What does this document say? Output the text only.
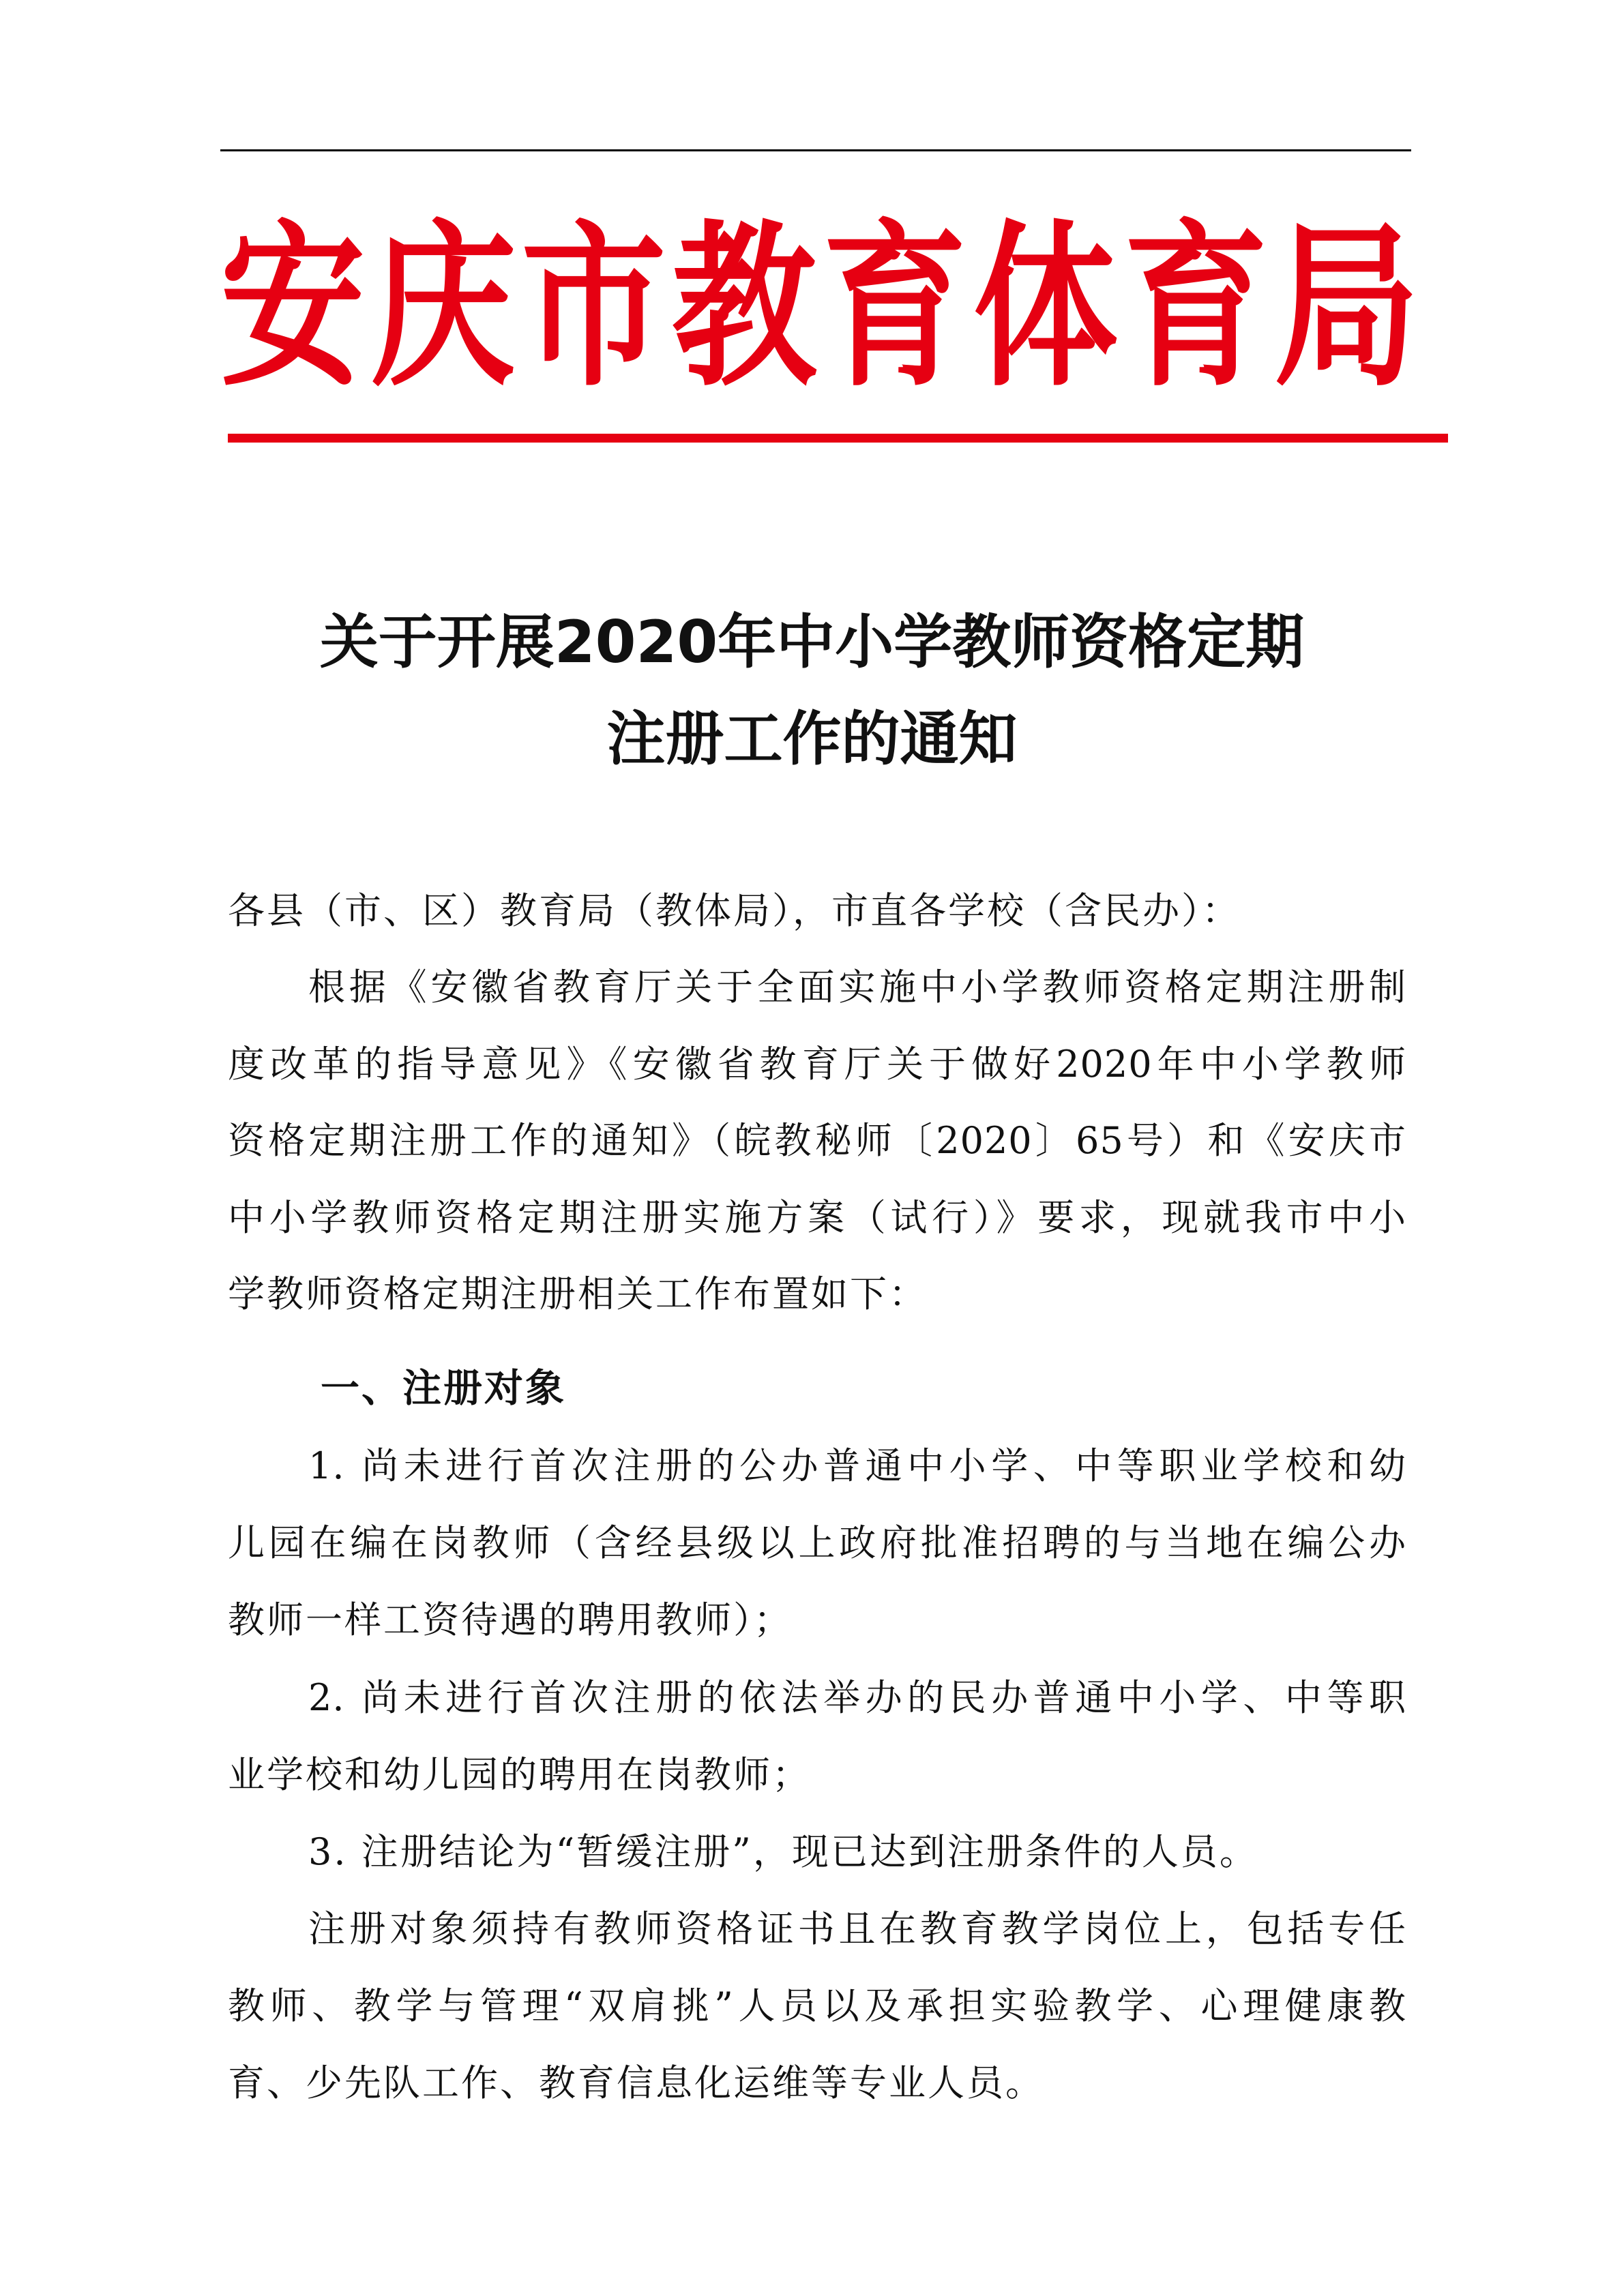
安庆市教育体育局
关于开展2020年中小学教师资格定期
注册工作的通知
各县（市、区）教育局（教体局），市直各学校（含民办）：
根据《安徽省教育厅关于全面实施中小学教师资格定期注册制
度改革的指导意见》《安徽省教育厅关于做好2020年中小学教师
资格定期注册工作的通知》（皖教秘师〔2020〕65号）和《安庆市
中小学教师资格定期注册实施方案（试行）》要求，现就我市中小
学教师资格定期注册相关工作布置如下：
一、注册对象
1. 尚未进行首次注册的公办普通中小学、中等职业学校和幼
儿园在编在岗教师（含经县级以上政府批准招聘的与当地在编公办
教师一样工资待遇的聘用教师）；
2. 尚未进行首次注册的依法举办的民办普通中小学、中等职
业学校和幼儿园的聘用在岗教师；
3. 注册结论为“暂缓注册”，现已达到注册条件的人员。
注册对象须持有教师资格证书且在教育教学岗位上，包括专任
教师、教学与管理“双肩挑”人员以及承担实验教学、心理健康教
育、少先队工作、教育信息化运维等专业人员。
